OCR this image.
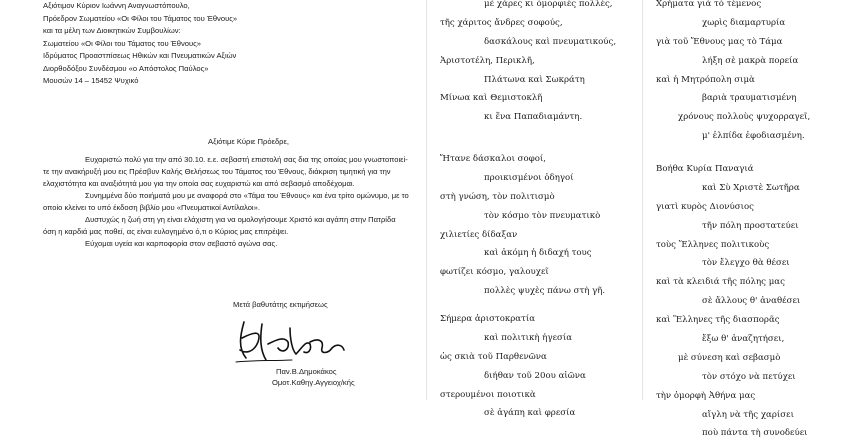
Αξιότιμον Κύριον Ιωάννη Αναγνωστόπουλο,
Πρόεδρον Σωματείου «Οι Φίλοι του Τάματος του Έθνους»
και τα μέλη των Διοικητικών Συμβουλίων:
Σωματείου «Οι Φίλοι του Τάματος του Έθνους»
Ιδρύματος Προαστπίσεως Ηθικών και Πνευματικών Αξιών
Διορθοδόξου Συνδέσμου «ο Απόστολος Παύλος»
Μουσών 14 – 15452 Ψυχικό
Αξιότιμε Κύριε Πρόεδρε,
Ευχαριστώ πολύ για την από 30.10. ε.ε. σεβαστή επιστολή σας δια της οποίας μου γνωστοποιεί-
τε την ανακήρυξή μου εις Πρέσβυν Καλής Θελήσεως του Τάματος του Έθνους, διάκριση τιμητική για την
ελαχιστότητα και αναξιότητά μου για την οποία σας ευχαριστώ και από σεβασμό αποδέχομαι.
Συνημμένα δύο ποιήματά μου με αναφορά στο «Τάμα του Έθνους» και ένα τρίτο ομώνυμο, με το
οποίο κλείνει το υπό έκδοση βιβλίο μου «Πνευματικοί Αντίλαλοι».
Δυστυχώς η ζωή στη γη είναι ελάχιστη για να ομολογήσουμε Χριστό και αγάπη στην Πατρίδα
όση η καρδιά μας ποθεί, ας είναι ευλογημένο ό,τι ο Κύριος μας επιτρέψει.
Εύχομαι υγεία και καρποφορία στον σεβαστό αγώνα σας.
Μετά βαθυτάτης εκτιμήσεως
Παν.Β.Δημοκάκος
Ομοτ.Καθηγ.Αγγειοχ/κής
μὲ χάρες κι ὀμορφιές πολλές,
τῆς χάριτος ἄνδρες σοφούς,
δασκάλους καὶ πνευματικούς,
Ἀριστοτέλη, Περικλῆ,
Πλάτωνα καὶ Σωκράτη
Μίνωα καὶ Θεμιστοκλῆ
κι ἕνα Παπαδιαμάντη.
Ἤτανε δάσκαλοι σοφοί,
προικισμένοι ὁδηγοί
στὴ γνώση, τὸν πολιτισμὸ
τὸν κόσμο τὸν πνευματικὸ
χιλιετίες δίδαξαν
καὶ ἀκόμη ἡ διδαχή τους
φωτίζει κόσμο, γαλουχεῖ
πολλὲς ψυχὲς πάνω στὴ γῆ.
Σήμερα ἀριστοκρατία
καὶ πολιτικὴ ἡγεσία
ὡς σκιὰ τοῦ Παρθενῶνα
διήθαν τοῦ 20ου αἰῶνα
στερουμένοι ποιοτικὰ
σὲ ἀγάπη καὶ φρεσία
Χρήματα γιὰ τὸ τέμενος
χωρὶς διαμαρτυρία
γιὰ τοῦ Ἔθνους μας τὸ Τάμα
λήξη σὲ μακρὰ πορεία
καὶ ἡ Μητρόπολη σιμὰ
βαριὰ τραυματισμένη
χρόνους πολλοὺς ψυχορραγεῖ,
μ' ἐλπίδα ἐφοδιασμένη.
Βοήθα Κυρία Παναγιά
καὶ Σὺ Χριστὲ Σωτῆρα
γιατὶ κυρὸς Διονύσιος
τῆν πόλη προστατεύει
τοὺς Ἕλληνες πολιτικοὺς
τὸν ἔλεγχο θὰ θέσει
καὶ τὰ κλειδιά τῆς πόλης μας
σὲ ἄλλους θ' ἀναθέσει
καὶ Ἕλληνες τῆς διασπορᾶς
ἔξω θ' ἀναζητήσει,
μὲ σύνεση καὶ σεβασμὸ
τὸν στόχο νὰ πετύχει
τὴν ὀμορφὴ Ἀθήνα μας
αἴγλη νὰ τῆς χαρίσει
ποὺ πάντα τὴ συνοδεύει
